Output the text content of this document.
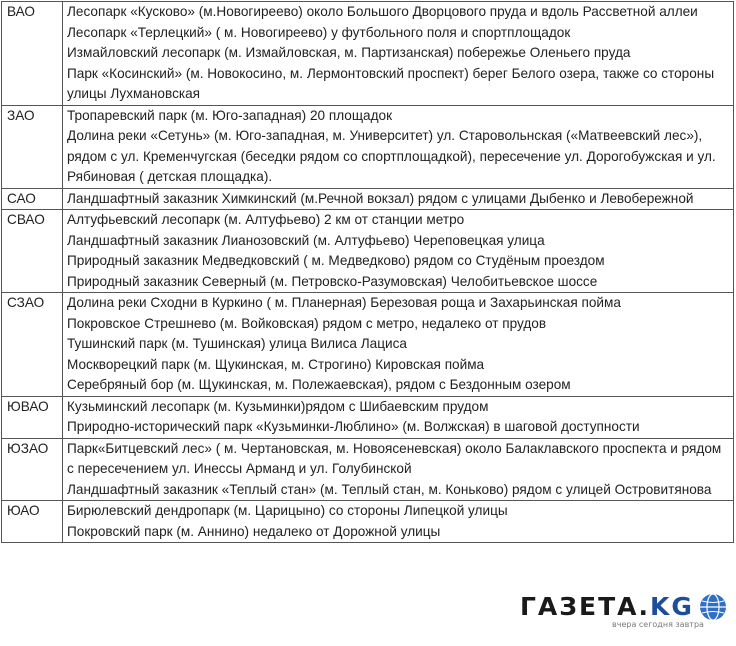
ВАО	Лесопарк «Кусково» (м.Новогиреево) около Большого Дворцового пруда и вдоль Рассветной аллеи
Лесопарк «Терлецкий» ( м. Новогиреево) у футбольного поля и спортплощадок
Измайловский лесопарк (м. Измайловская, м. Партизанская) побережье Оленьего пруда
Парк «Косинский» (м. Новокосино, м. Лермонтовский проспект) берег Белого озера, также со стороны улицы Лухмановская

ЗАО	Тропаревский парк (м. Юго-западная) 20 площадок
Долина реки «Сетунь» (м. Юго-западная, м. Университет) ул. Старовольнская («Матвеевский лес»), рядом с ул. Кременчугская (беседки рядом со спортплощадкой), пересечение ул. Дорогобужская и ул. Рябиновая ( детская площадка).

САО	Ландшафтный заказник Химкинский (м.Речной вокзал) рядом с улицами Дыбенко и Левобережной

СВАО	Алтуфьевский лесопарк (м. Алтуфьево) 2 км от станции метро
Ландшафтный заказник Лианозовский (м. Алтуфьево) Череповецкая улица
Природный заказник Медведковский ( м. Медведково) рядом со Студёным проездом
Природный заказник Северный (м. Петровско-Разумовская) Челобитьевское шоссе

СЗАО	Долина реки Сходни в Куркино ( м. Планерная) Березовая роща и Захарьинская пойма
Покровское Стрешнево (м. Войковская) рядом с метро, недалеко от прудов
Тушинский парк (м. Тушинская) улица Вилиса Лациса
Москворецкий парк (м. Щукинская, м. Строгино) Кировская пойма
Серебряный бор (м. Щукинская, м. Полежаевская), рядом с Бездонным озером

ЮВАО	Кузьминский лесопарк (м. Кузьминки)рядом с Шибаевским прудом
Природно-исторический парк «Кузьминки-Люблино» (м. Волжская) в шаговой доступности

ЮЗАО	Парк«Битцевский лес» ( м. Чертановская, м. Новоясеневская) около Балаклавского проспекта и рядом с пересечением ул. Инессы Арманд и ул. Голубинской
Ландшафтный заказник «Теплый стан» (м. Теплый стан, м. Коньково) рядом с улицей Островитянова

ЮАО	Бирюлевский дендропарк (м. Царицыно) со стороны Липецкой улицы
Покровский парк (м. Аннино) недалеко от Дорожной улицы
ГАЗЕТА.KG
вчера сегодня завтра
